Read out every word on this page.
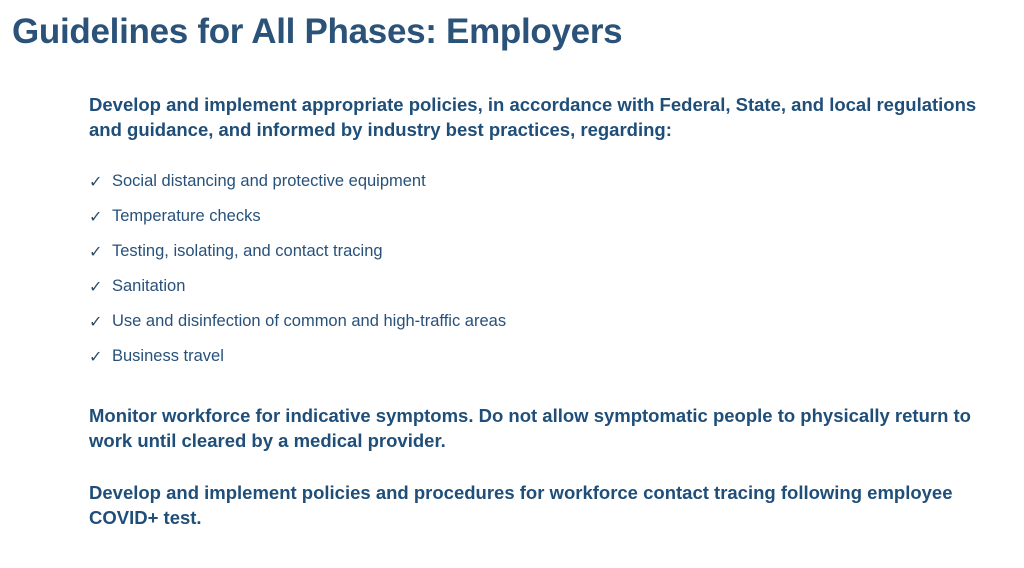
Guidelines for All Phases: Employers

Develop and implement appropriate policies, in accordance with Federal, State, and local regulations and guidance, and informed by industry best practices, regarding:

✓ Social distancing and protective equipment
✓ Temperature checks
✓ Testing, isolating, and contact tracing
✓ Sanitation
✓ Use and disinfection of common and high-traffic areas
✓ Business travel

Monitor workforce for indicative symptoms. Do not allow symptomatic people to physically return to work until cleared by a medical provider.

Develop and implement policies and procedures for workforce contact tracing following employee COVID+ test.
